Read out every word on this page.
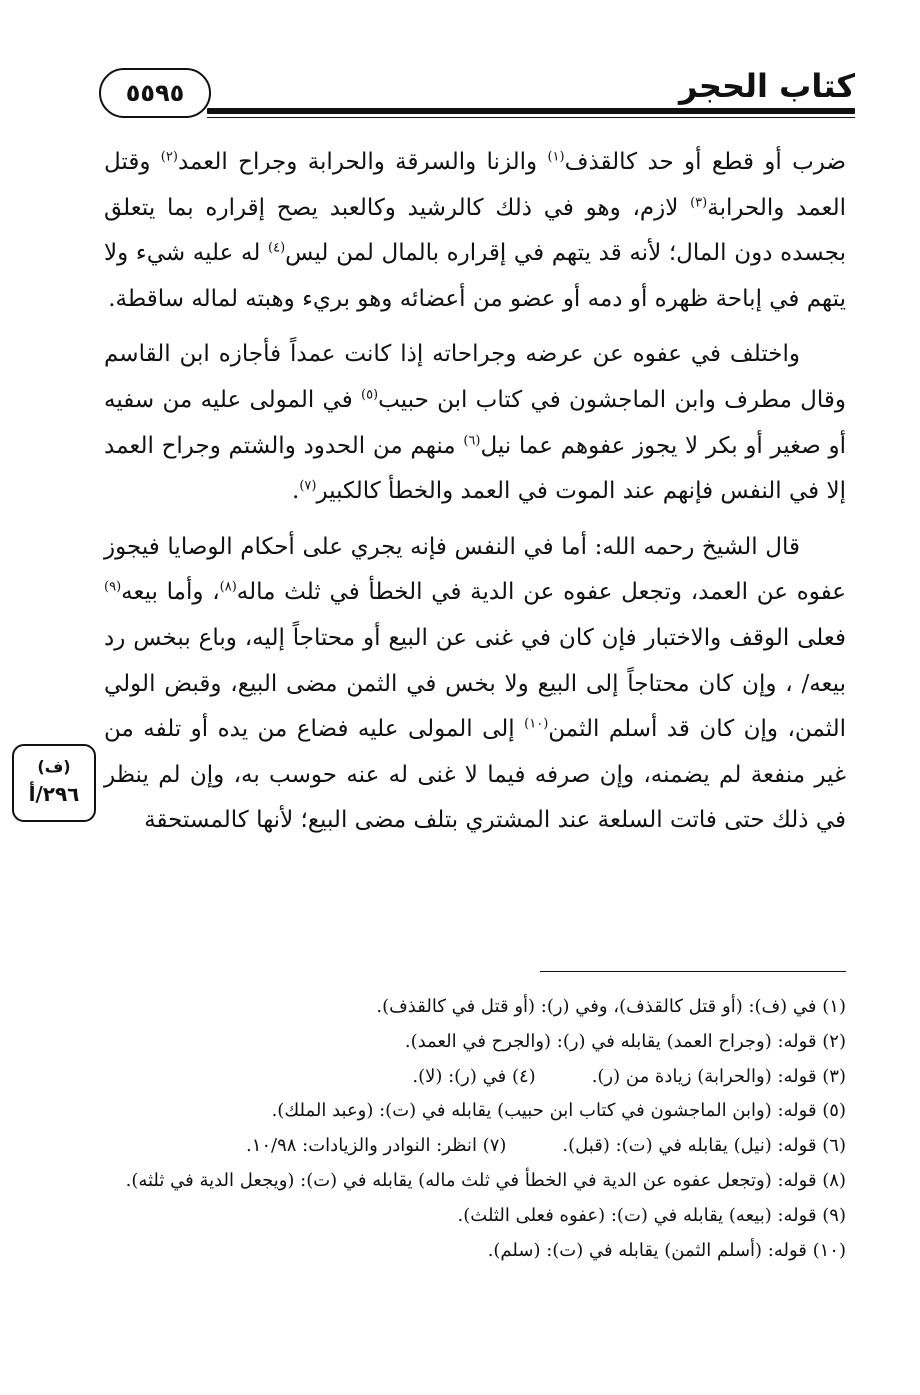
كتاب الحجر
٥٥٩٥

ضرب أو قطع أو حد كالقذف$^{(١)}$ والزنا والسرقة والحرابة وجراح العمد$^{(٢)}$ وقتل العمد والحرابة$^{(٣)}$ لازم، وهو في ذلك كالرشيد وكالعبد يصح إقراره بما يتعلق بجسده دون المال؛ لأنه قد يتهم في إقراره بالمال لمن ليس$^{(٤)}$ له عليه شيء ولا يتهم في إباحة ظهره أو دمه أو عضو من أعضائه وهو بريء وهبته لماله ساقطة.

واختلف في عفوه عن عرضه وجراحاته إذا كانت عمداً فأجازه ابن القاسم وقال مطرف وابن الماجشون في كتاب ابن حبيب$^{(٥)}$ في المولى عليه من سفيه أو صغير أو بكر لا يجوز عفوهم عما نيل$^{(٦)}$ منهم من الحدود والشتم وجراح العمد إلا في النفس فإنهم عند الموت في العمد والخطأ كالكبير$^{(٧)}$.

قال الشيخ رحمه الله: أما في النفس فإنه يجري على أحكام الوصايا فيجوز عفوه عن العمد، وتجعل عفوه عن الدية في الخطأ في ثلث ماله$^{(٨)}$، وأما بيعه$^{(٩)}$ فعلى الوقف والاختبار فإن كان في غنى عن البيع أو محتاجاً إليه، وباع ببخس رد بيعه/ ، وإن كان محتاجاً إلى البيع ولا بخس في الثمن مضى البيع، وقبض الولي الثمن، وإن كان قد أسلم الثمن$^{(١٠)}$ إلى المولى عليه فضاع من يده أو تلفه من غير منفعة لم يضمنه، وإن صرفه فيما لا غنى له عنه حوسب به، وإن لم ينظر في ذلك حتى فاتت السلعة عند المشتري بتلف مضى البيع؛ لأنها كالمستحقة

(ف)
٢٩٦/أ
(١) في (ف): (أو قتل كالقذف)، وفي (ر): (أو قتل في كالقذف).
(٢) قوله: (وجراح العمد) يقابله في (ر): (والجرح في العمد).
(٣) قوله: (والحرابة) زيادة من (ر).(٤) في (ر): (لا).
(٥) قوله: (وابن الماجشون في كتاب ابن حبيب) يقابله في (ت): (وعبد الملك).
(٦) قوله: (نيل) يقابله في (ت): (قبل).(٧) انظر: النوادر والزيادات: ١٠/٩٨.
(٨) قوله: (وتجعل عفوه عن الدية في الخطأ في ثلث ماله) يقابله في (ت): (ويجعل الدية في ثلثه).
(٩) قوله: (بيعه) يقابله في (ت): (عفوه فعلى الثلث).
(١٠) قوله: (أسلم الثمن) يقابله في (ت): (سلم).
